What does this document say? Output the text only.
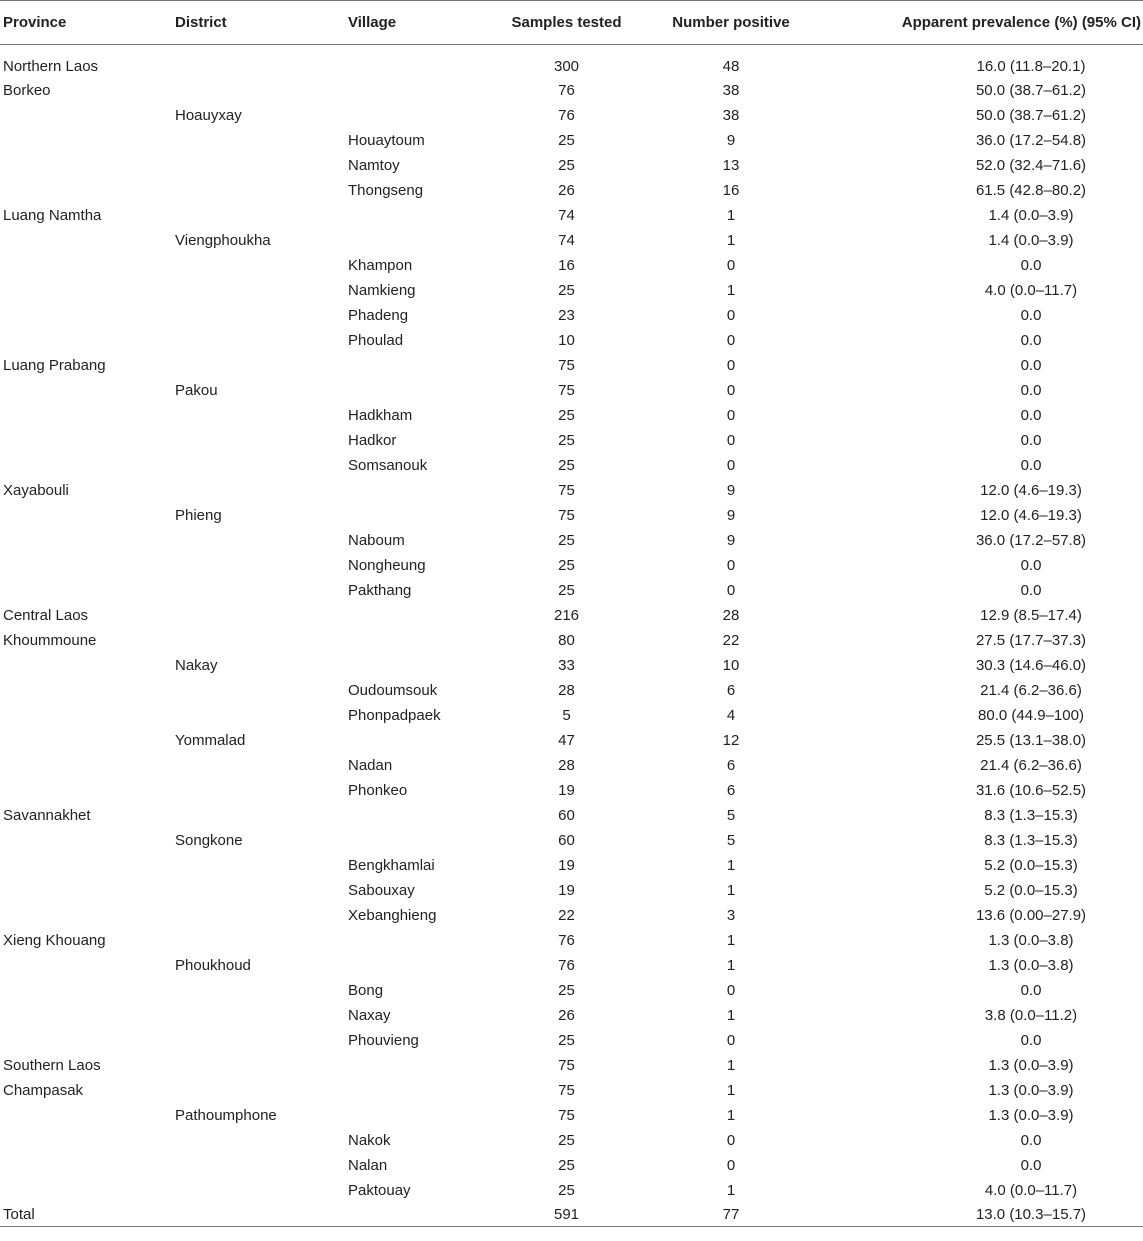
Province	District	Village	Samples tested	Number positive	Apparent prevalence (%) (95% CI)
Northern Laos			300	48	16.0 (11.8–20.1)
Borkeo			76	38	50.0 (38.7–61.2)
	Hoauyxay		76	38	50.0 (38.7–61.2)
		Houaytoum	25	9	36.0 (17.2–54.8)
		Namtoy	25	13	52.0 (32.4–71.6)
		Thongseng	26	16	61.5 (42.8–80.2)
Luang Namtha			74	1	1.4 (0.0–3.9)
	Viengphoukha		74	1	1.4 (0.0–3.9)
		Khampon	16	0	0.0
		Namkieng	25	1	4.0 (0.0–11.7)
		Phadeng	23	0	0.0
		Phoulad	10	0	0.0
Luang Prabang			75	0	0.0
	Pakou		75	0	0.0
		Hadkham	25	0	0.0
		Hadkor	25	0	0.0
		Somsanouk	25	0	0.0
Xayabouli			75	9	12.0 (4.6–19.3)
	Phieng		75	9	12.0 (4.6–19.3)
		Naboum	25	9	36.0 (17.2–57.8)
		Nongheung	25	0	0.0
		Pakthang	25	0	0.0
Central Laos			216	28	12.9 (8.5–17.4)
Khoummoune			80	22	27.5 (17.7–37.3)
	Nakay		33	10	30.3 (14.6–46.0)
		Oudoumsouk	28	6	21.4 (6.2–36.6)
		Phonpadpaek	5	4	80.0 (44.9–100)
	Yommalad		47	12	25.5 (13.1–38.0)
		Nadan	28	6	21.4 (6.2–36.6)
		Phonkeo	19	6	31.6 (10.6–52.5)
Savannakhet			60	5	8.3 (1.3–15.3)
	Songkone		60	5	8.3 (1.3–15.3)
		Bengkhamlai	19	1	5.2 (0.0–15.3)
		Sabouxay	19	1	5.2 (0.0–15.3)
		Xebanghieng	22	3	13.6 (0.00–27.9)
Xieng Khouang			76	1	1.3 (0.0–3.8)
	Phoukhoud		76	1	1.3 (0.0–3.8)
		Bong	25	0	0.0
		Naxay	26	1	3.8 (0.0–11.2)
		Phouvieng	25	0	0.0
Southern Laos			75	1	1.3 (0.0–3.9)
Champasak			75	1	1.3 (0.0–3.9)
	Pathoumphone		75	1	1.3 (0.0–3.9)
		Nakok	25	0	0.0
		Nalan	25	0	0.0
		Paktouay	25	1	4.0 (0.0–11.7)
Total			591	77	13.0 (10.3–15.7)
